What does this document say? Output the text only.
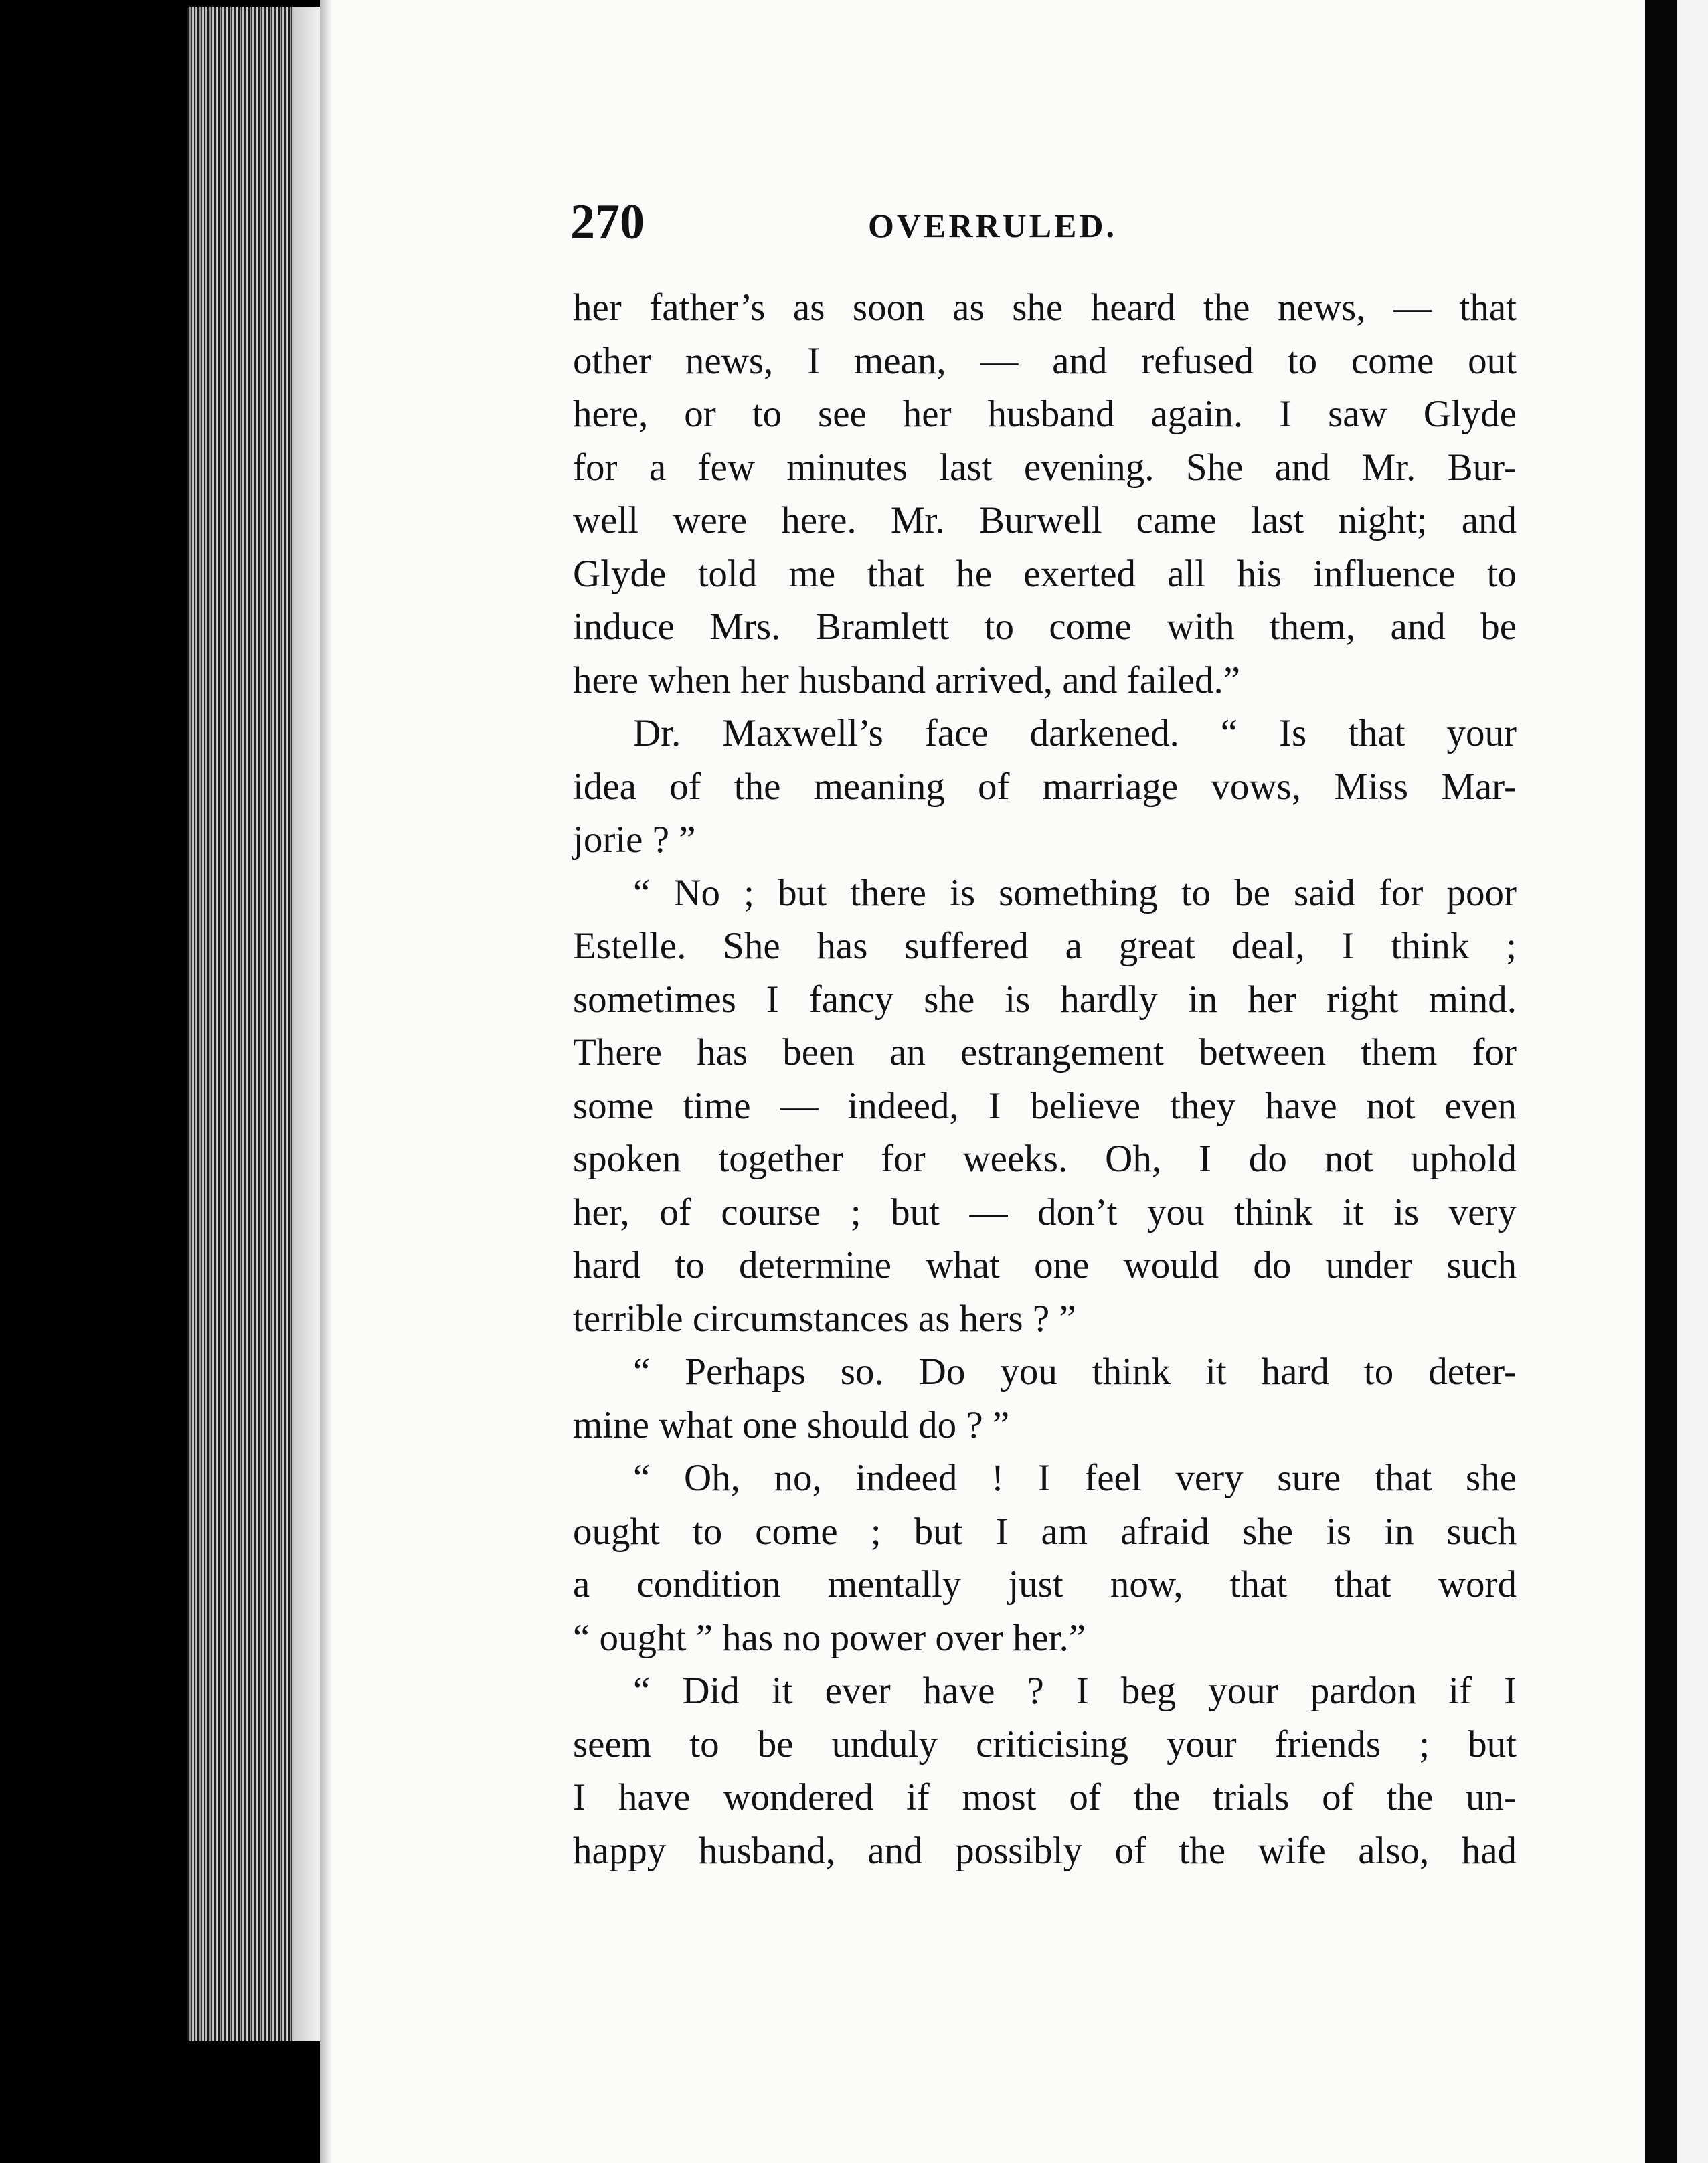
270	OVERRULED.
her father’s as soon as she heard the news, — that
other news, I mean, — and refused to come out
here, or to see her husband again. I saw Glyde
for a few minutes last evening. She and Mr. Bur-
well were here. Mr. Burwell came last night; and
Glyde told me that he exerted all his influence to
induce Mrs. Bramlett to come with them, and be
here when her husband arrived, and failed.”
Dr. Maxwell’s face darkened. “ Is that your
idea of the meaning of marriage vows, Miss Mar-
jorie ? ”
“ No ; but there is something to be said for poor
Estelle. She has suffered a great deal, I think ;
sometimes I fancy she is hardly in her right mind.
There has been an estrangement between them for
some time — indeed, I believe they have not even
spoken together for weeks. Oh, I do not uphold
her, of course ; but — don’t you think it is very
hard to determine what one would do under such
terrible circumstances as hers ? ”
“ Perhaps so. Do you think it hard to deter-
mine what one should do ? ”
“ Oh, no, indeed ! I feel very sure that she
ought to come ; but I am afraid she is in such
a condition mentally just now, that that word
“ ought ” has no power over her.”
“ Did it ever have ? I beg your pardon if I
seem to be unduly criticising your friends ; but
I have wondered if most of the trials of the un-
happy husband, and possibly of the wife also, had
